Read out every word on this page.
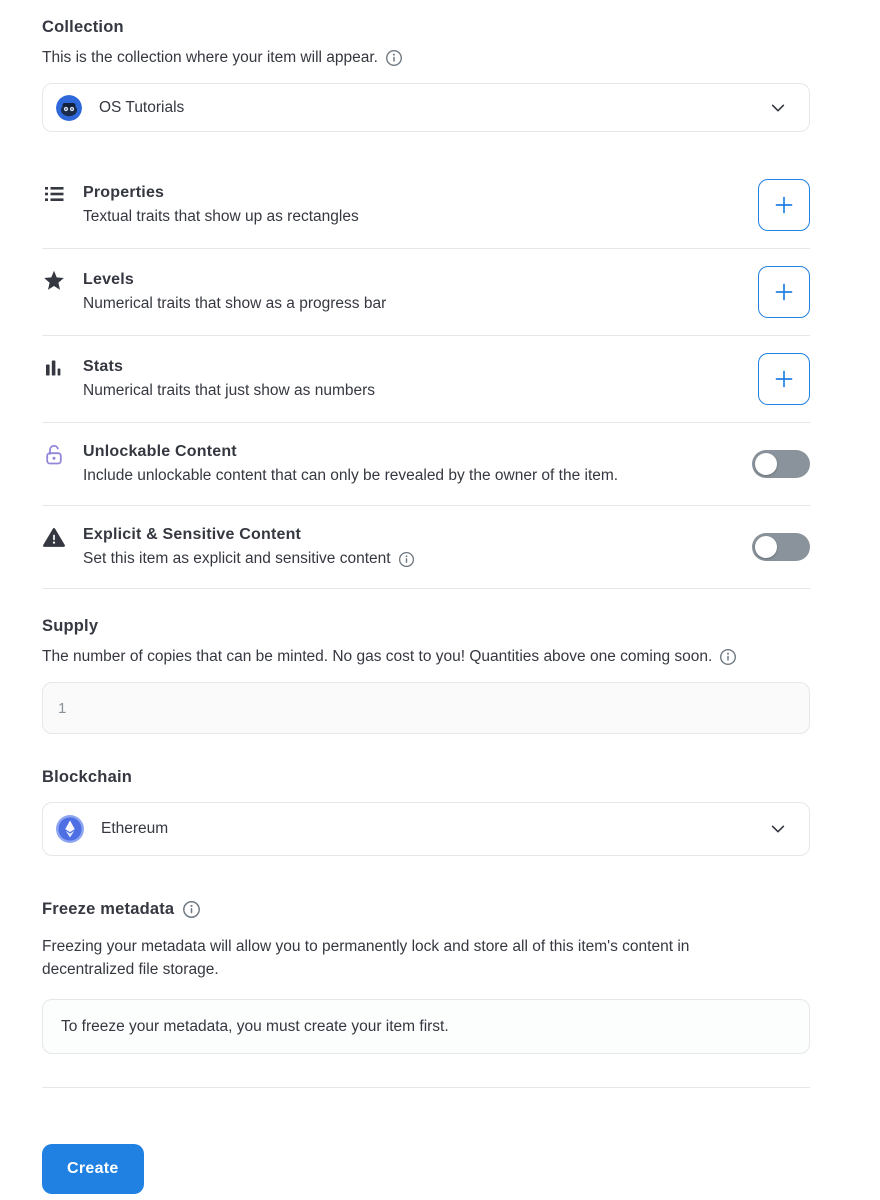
Collection

This is the collection where your item will appear.

OS Tutorials
Properties
Textual traits that show up as rectangles
Levels
Numerical traits that show as a progress bar
Stats
Numerical traits that just show as numbers
Unlockable Content
Include unlockable content that can only be revealed by the owner of the item.
Explicit & Sensitive Content
Set this item as explicit and sensitive content
Supply

The number of copies that can be minted. No gas cost to you! Quantities above one coming soon.

1
Blockchain
Ethereum
Freeze metadata

Freezing your metadata will allow you to permanently lock and store all of this item's content in decentralized file storage.

To freeze your metadata, you must create your item first.
Create
